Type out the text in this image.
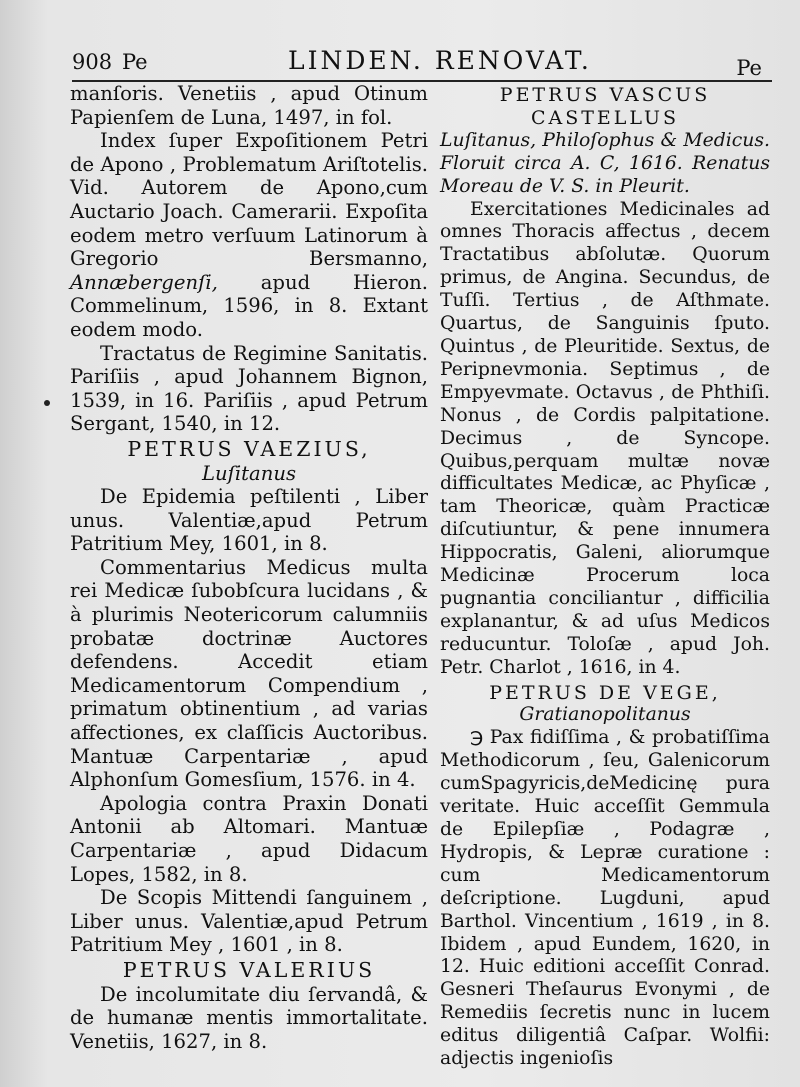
908 Pe	LINDEN. RENOVAT.	Pe

manſoris. Venetiis , apud Otinum Papienſem de Luna, 1497, in fol.

Index ſuper Expoſitionem Petri de Apono , Problematum Ariſtotelis. Vid. Autorem de Apono,cum Auctario Joach. Camerarii. Expoſita eodem metro verſuum Latinorum à Gregorio Bersmanno, Annæbergenſi, apud Hieron. Commelinum, 1596, in 8. Extant eodem modo.

Tractatus de Regimine Sanitatis. Pariſiis , apud Johannem Bignon, 1539, in 16. Pariſiis , apud Petrum Sergant, 1540, in 12.

PETRUS VAEZIUS,
Luſitanus

De Epidemia peſtilenti , Liber unus. Valentiæ,apud Petrum Patritium Mey, 1601, in 8.

Commentarius Medicus multa rei Medicæ ſubobſcura lucidans , & à plurimis Neotericorum calumniis probatæ doctrinæ Auctores defendens. Accedit etiam Medicamentorum Compendium , primatum obtinentium , ad varias affectiones, ex claſſicis Auctoribus. Mantuæ Carpentariæ , apud Alphonſum Gomesſium, 1576. in 4.

Apologia contra Praxin Donati Antonii ab Altomari. Mantuæ Carpentariæ , apud Didacum Lopes, 1582, in 8.

De Scopis Mittendi ſanguinem , Liber unus. Valentiæ,apud Petrum Patritium Mey , 1601 , in 8.

PETRUS VALERIUS

De incolumitate diu ſervandâ, & de humanæ mentis immortalitate. Venetiis, 1627, in 8.

PETRUS VASCUS CASTELLUS

Luſitanus, Philoſophus & Medicus. Floruit circa A. C, 1616. Renatus Moreau de V. S. in Pleurit.

Exercitationes Medicinales ad omnes Thoracis affectus , decem Tractatibus abſolutæ. Quorum primus, de Angina. Secundus, de Tuſſi. Tertius , de Aſthmate. Quartus, de Sanguinis ſputo. Quintus , de Pleuritide. Sextus, de Peripnevmonia. Septimus , de Empyevmate. Octavus , de Phthiſi. Nonus , de Cordis palpitatione. Decimus , de Syncope. Quibus,perquam multæ novæ difficultates Medicæ, ac Phyſicæ , tam Theoricæ, quàm Practicæ diſcutiuntur, & pene innumera Hippocratis, Galeni, aliorumque Medicinæ Procerum loca pugnantia conciliantur , difficilia explanantur, & ad uſus Medicos reducuntur. Toloſæ , apud Joh. Petr. Charlot , 1616, in 4.

PETRUS DE VEGE,
Gratianopolitanus

℈ Pax fidiſſima , & probatiſſima Methodicorum , ſeu, Galenicorum cumSpagyricis,deMedicinę pura veritate. Huic acceſſit Gemmula de Epilepſiæ , Podagræ , Hydropis, & Lepræ curatione : cum Medicamentorum deſcriptione. Lugduni, apud Barthol. Vincentium , 1619 , in 8. Ibidem , apud Eundem, 1620, in 12. Huic editioni acceſſit Conrad. Gesneri Theſaurus Evonymi , de Remediis ſecretis nunc in lucem editus diligentiâ Caſpar. Wolfii: adjectis ingenioſis
